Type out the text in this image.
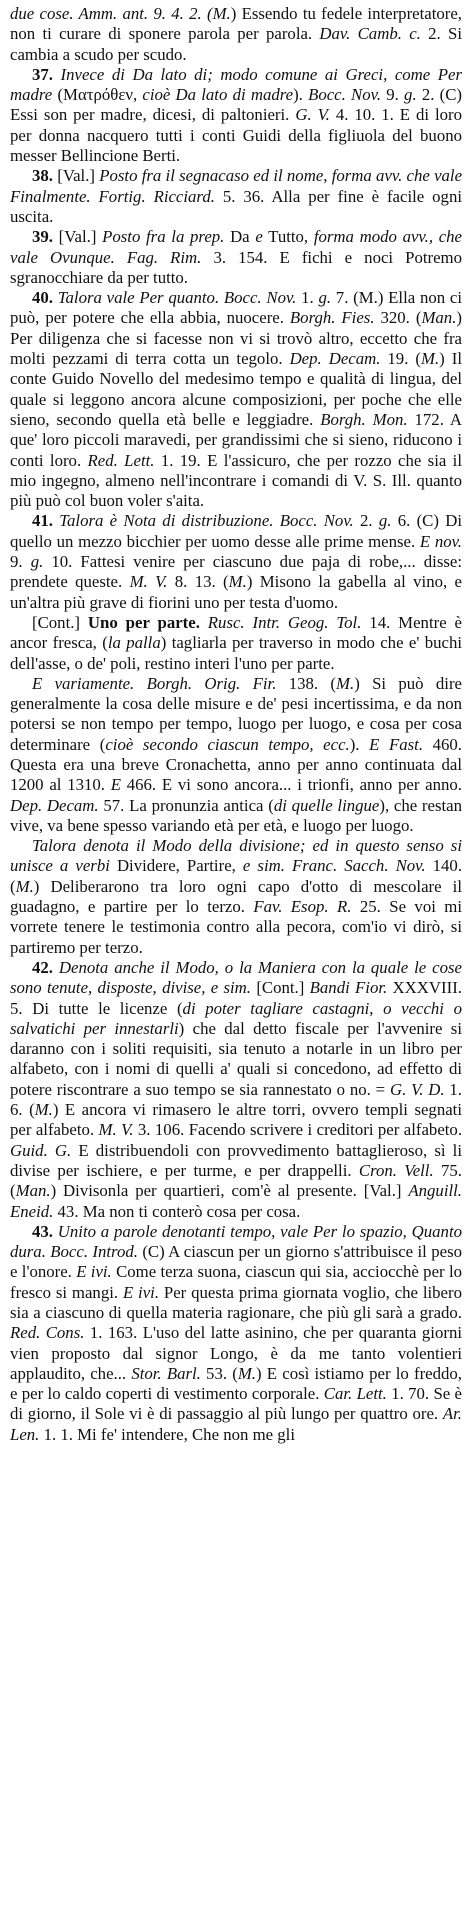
due cose. Amm. ant. 9. 4. 2. (M.) Essendo tu fedele interpretatore, non ti curare di sponere parola per parola. Dav. Camb. c. 2. Si cambia a scudo per scudo.

37. Invece di Da lato di; modo comune ai Greci, come Per madre (Ματρόθεν, cioè Da lato di madre). Bocc. Nov. 9. g. 2. (C) Essi son per madre, dicesi, di paltonieri. G. V. 4. 10. 1. E di loro per donna nacquero tutti i conti Guidi della figliuola del buono messer Bellincione Berti.

38. [Val.] Posto fra il segnacaso ed il nome, forma avv. che vale Finalmente. Fortig. Ricciard. 5. 36. Alla per fine è facile ogni uscita.

39. [Val.] Posto fra la prep. Da e Tutto, forma modo avv., che vale Ovunque. Fag. Rim. 3. 154. E fichi e noci Potremo sgranocchiare da per tutto.

40. Talora vale Per quanto. Bocc. Nov. 1. g. 7. (M.) Ella non ci può, per potere che ella abbia, nuocere. Borgh. Fies. 320. (Man.) Per diligenza che si facesse non vi si trovò altro, eccetto che fra molti pezzami di terra cotta un tegolo. Dep. Decam. 19. (M.) Il conte Guido Novello del medesimo tempo e qualità di lingua, del quale si leggono ancora alcune composizioni, per poche che elle sieno, secondo quella età belle e leggiadre. Borgh. Mon. 172. A que' loro piccoli maravedi, per grandissimi che si sieno, riducono i conti loro. Red. Lett. 1. 19. E l'assicuro, che per rozzo che sia il mio ingegno, almeno nell'incontrare i comandi di V. S. Ill. quanto più può col buon voler s'aita.

41. Talora è Nota di distribuzione. Bocc. Nov. 2. g. 6. (C) Di quello un mezzo bicchier per uomo desse alle prime mense. E nov. 9. g. 10. Fattesi venire per ciascuno due paja di robe,... disse: prendete queste. M. V. 8. 13. (M.) Misono la gabella al vino, e un'altra più grave di fiorini uno per testa d'uomo.

[Cont.] Uno per parte. Rusc. Intr. Geog. Tol. 14. Mentre è ancor fresca, (la palla) tagliarla per traverso in modo che e' buchi dell'asse, o de' poli, restino interi l'uno per parte.

E variamente. Borgh. Orig. Fir. 138. (M.) Si può dire generalmente la cosa delle misure e de' pesi incertissima, e da non potersi se non tempo per tempo, luogo per luogo, e cosa per cosa determinare (cioè secondo ciascun tempo, ecc.). E Fast. 460. Questa era una breve Cronachetta, anno per anno continuata dal 1200 al 1310. E 466. E vi sono ancora... i trionfi, anno per anno. Dep. Decam. 57. La pronunzia antica (di quelle lingue), che restan vive, va bene spesso variando età per età, e luogo per luogo.

Talora denota il Modo della divisione; ed in questo senso si unisce a verbi Dividere, Partire, e sim. Franc. Sacch. Nov. 140. (M.) Deliberarono tra loro ogni capo d'otto di mescolare il guadagno, e partire per lo terzo. Fav. Esop. R. 25. Se voi mi vorrete tenere le testimonia contro alla pecora, com'io vi dirò, si partiremo per terzo.

42. Denota anche il Modo, o la Maniera con la quale le cose sono tenute, disposte, divise, e sim. [Cont.] Bandi Fior. XXXVIII. 5. Di tutte le licenze (di poter tagliare castagni, o vecchi o salvatichi per innestarli) che dal detto fiscale per l'avvenire si daranno con i soliti requisiti, sia tenuto a notarle in un libro per alfabeto, con i nomi di quelli a' quali si concedono, ad effetto di potere riscontrare a suo tempo se sia rannestato o no. = G. V. D. 1. 6. (M.) E ancora vi rimasero le altre torri, ovvero templi segnati per alfabeto. M. V. 3. 106. Facendo scrivere i creditori per alfabeto. Guid. G. E distribuendoli con provvedimento battaglieroso, sì li divise per ischiere, e per turme, e per drappelli. Cron. Vell. 75. (Man.) Divisonla per quartieri, com'è al presente. [Val.] Anguill. Eneid. 43. Ma non ti conterò cosa per cosa.

43. Unito a parole denotanti tempo, vale Per lo spazio, Quanto dura. Bocc. Introd. (C) A ciascun per un giorno s'attribuisce il peso e l'onore. E ivi. Come terza suona, ciascun qui sia, acciocchè per lo fresco si mangi. E ivi. Per questa prima giornata voglio, che libero sia a ciascuno di quella materia ragionare, che più gli sarà a grado. Red. Cons. 1. 163. L'uso del latte asinino, che per quaranta giorni vien proposto dal signor Longo, è da me tanto volentieri applaudito, che... Stor. Barl. 53. (M.) E così istiamo per lo freddo, e per lo caldo coperti di vestimento corporale. Car. Lett. 1. 70. Se è di giorno, il Sole vi è di passaggio al più lungo per quattro ore. Ar. Len. 1. 1. Mi fe' intendere, Che non me gli
